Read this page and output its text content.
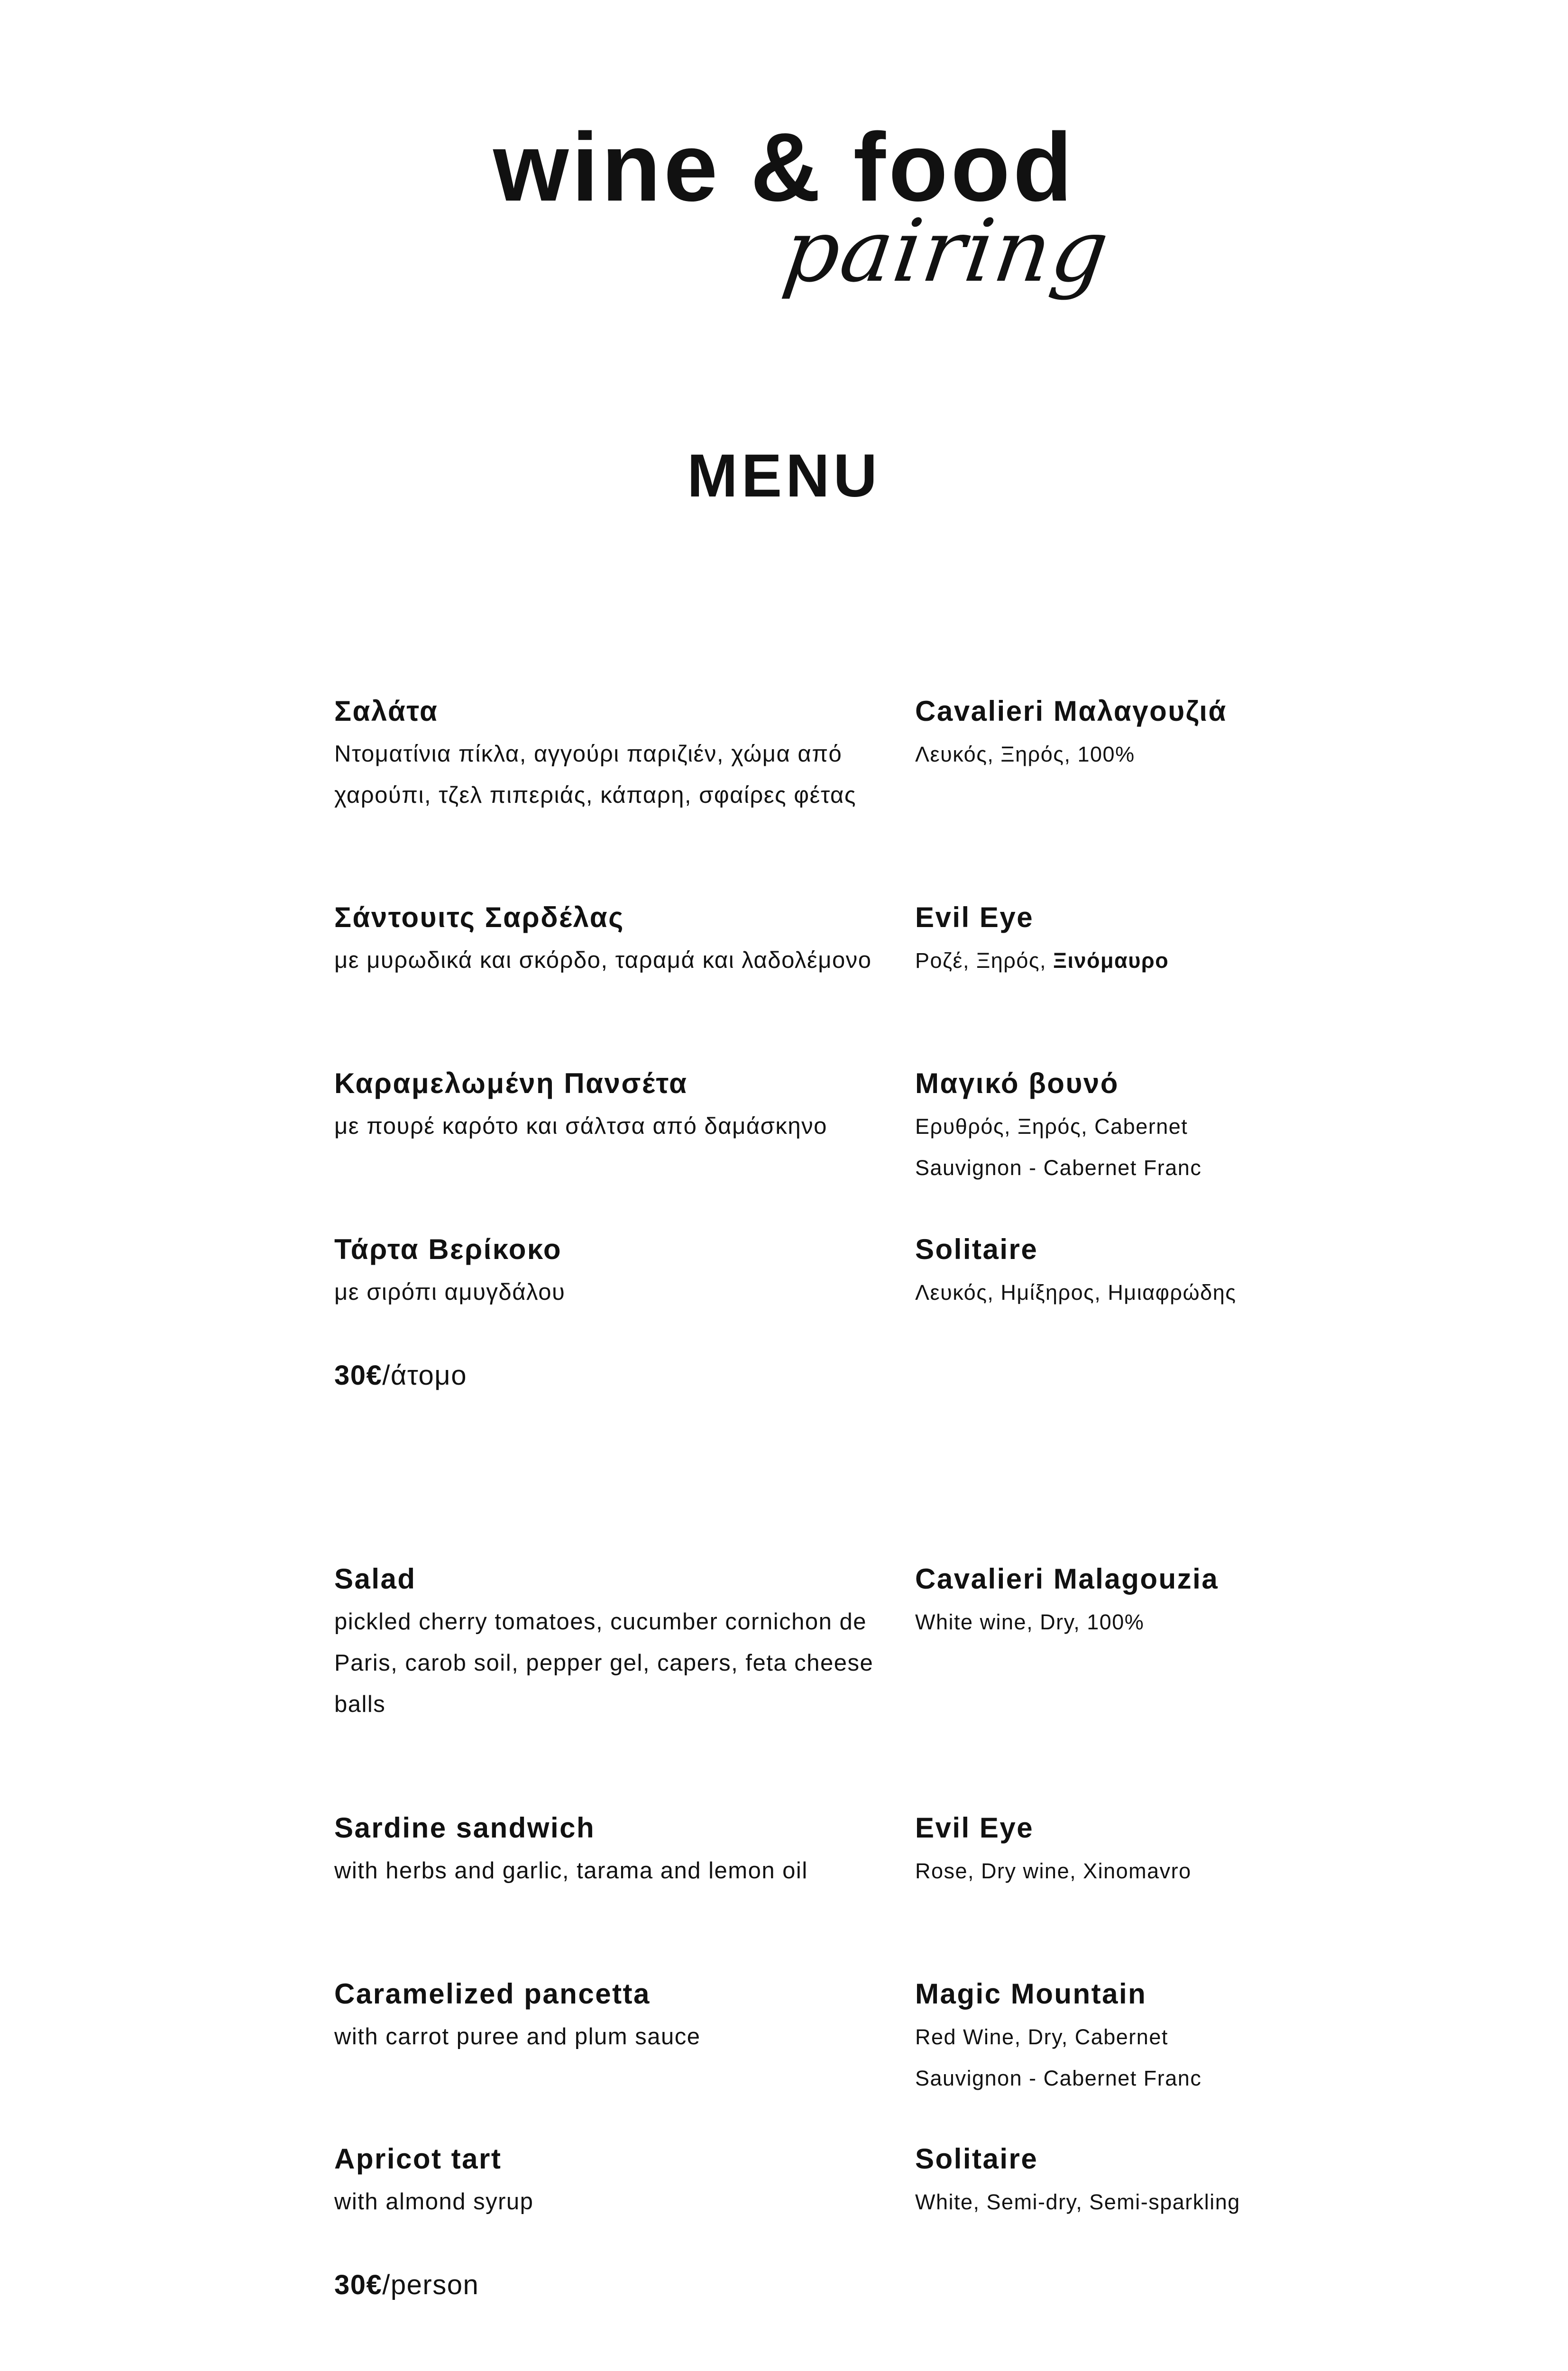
wine & food
pairing
MENU
Σαλάτα
Ντοματίνια πίκλα, αγγούρι παριζιέν, χώμα από χαρούπι, τζελ πιπεριάς, κάπαρη, σφαίρες φέτας
Cavalieri Μαλαγουζιά
Λευκός, Ξηρός, 100%
Σάντουιτς Σαρδέλας
με μυρωδικά και σκόρδο, ταραμά και λαδολέμονο
Evil Eye
Ροζέ, Ξηρός, Ξινόμαυρο
Καραμελωμένη Πανσέτα
με πουρέ καρότο και σάλτσα από δαμάσκηνο
Μαγικό βουνό
Ερυθρός, Ξηρός, Cabernet Sauvignon - Cabernet Franc
Τάρτα Βερίκοκο
με σιρόπι αμυγδάλου
Solitaire
Λευκός, Ημίξηρος, Ημιαφρώδης
30€/άτομο
Salad
pickled cherry tomatoes, cucumber cornichon de Paris, carob soil, pepper gel, capers, feta cheese balls
Cavalieri Malagouzia
White wine, Dry, 100%
Sardine sandwich
with herbs and garlic, tarama and lemon oil
Evil Eye
Rose, Dry wine, Xinomavro
Caramelized pancetta
with carrot puree and plum sauce
Magic Mountain
Red Wine, Dry, Cabernet Sauvignon - Cabernet Franc
Apricot tart
with almond syrup
Solitaire
White, Semi-dry, Semi-sparkling
30€/person
